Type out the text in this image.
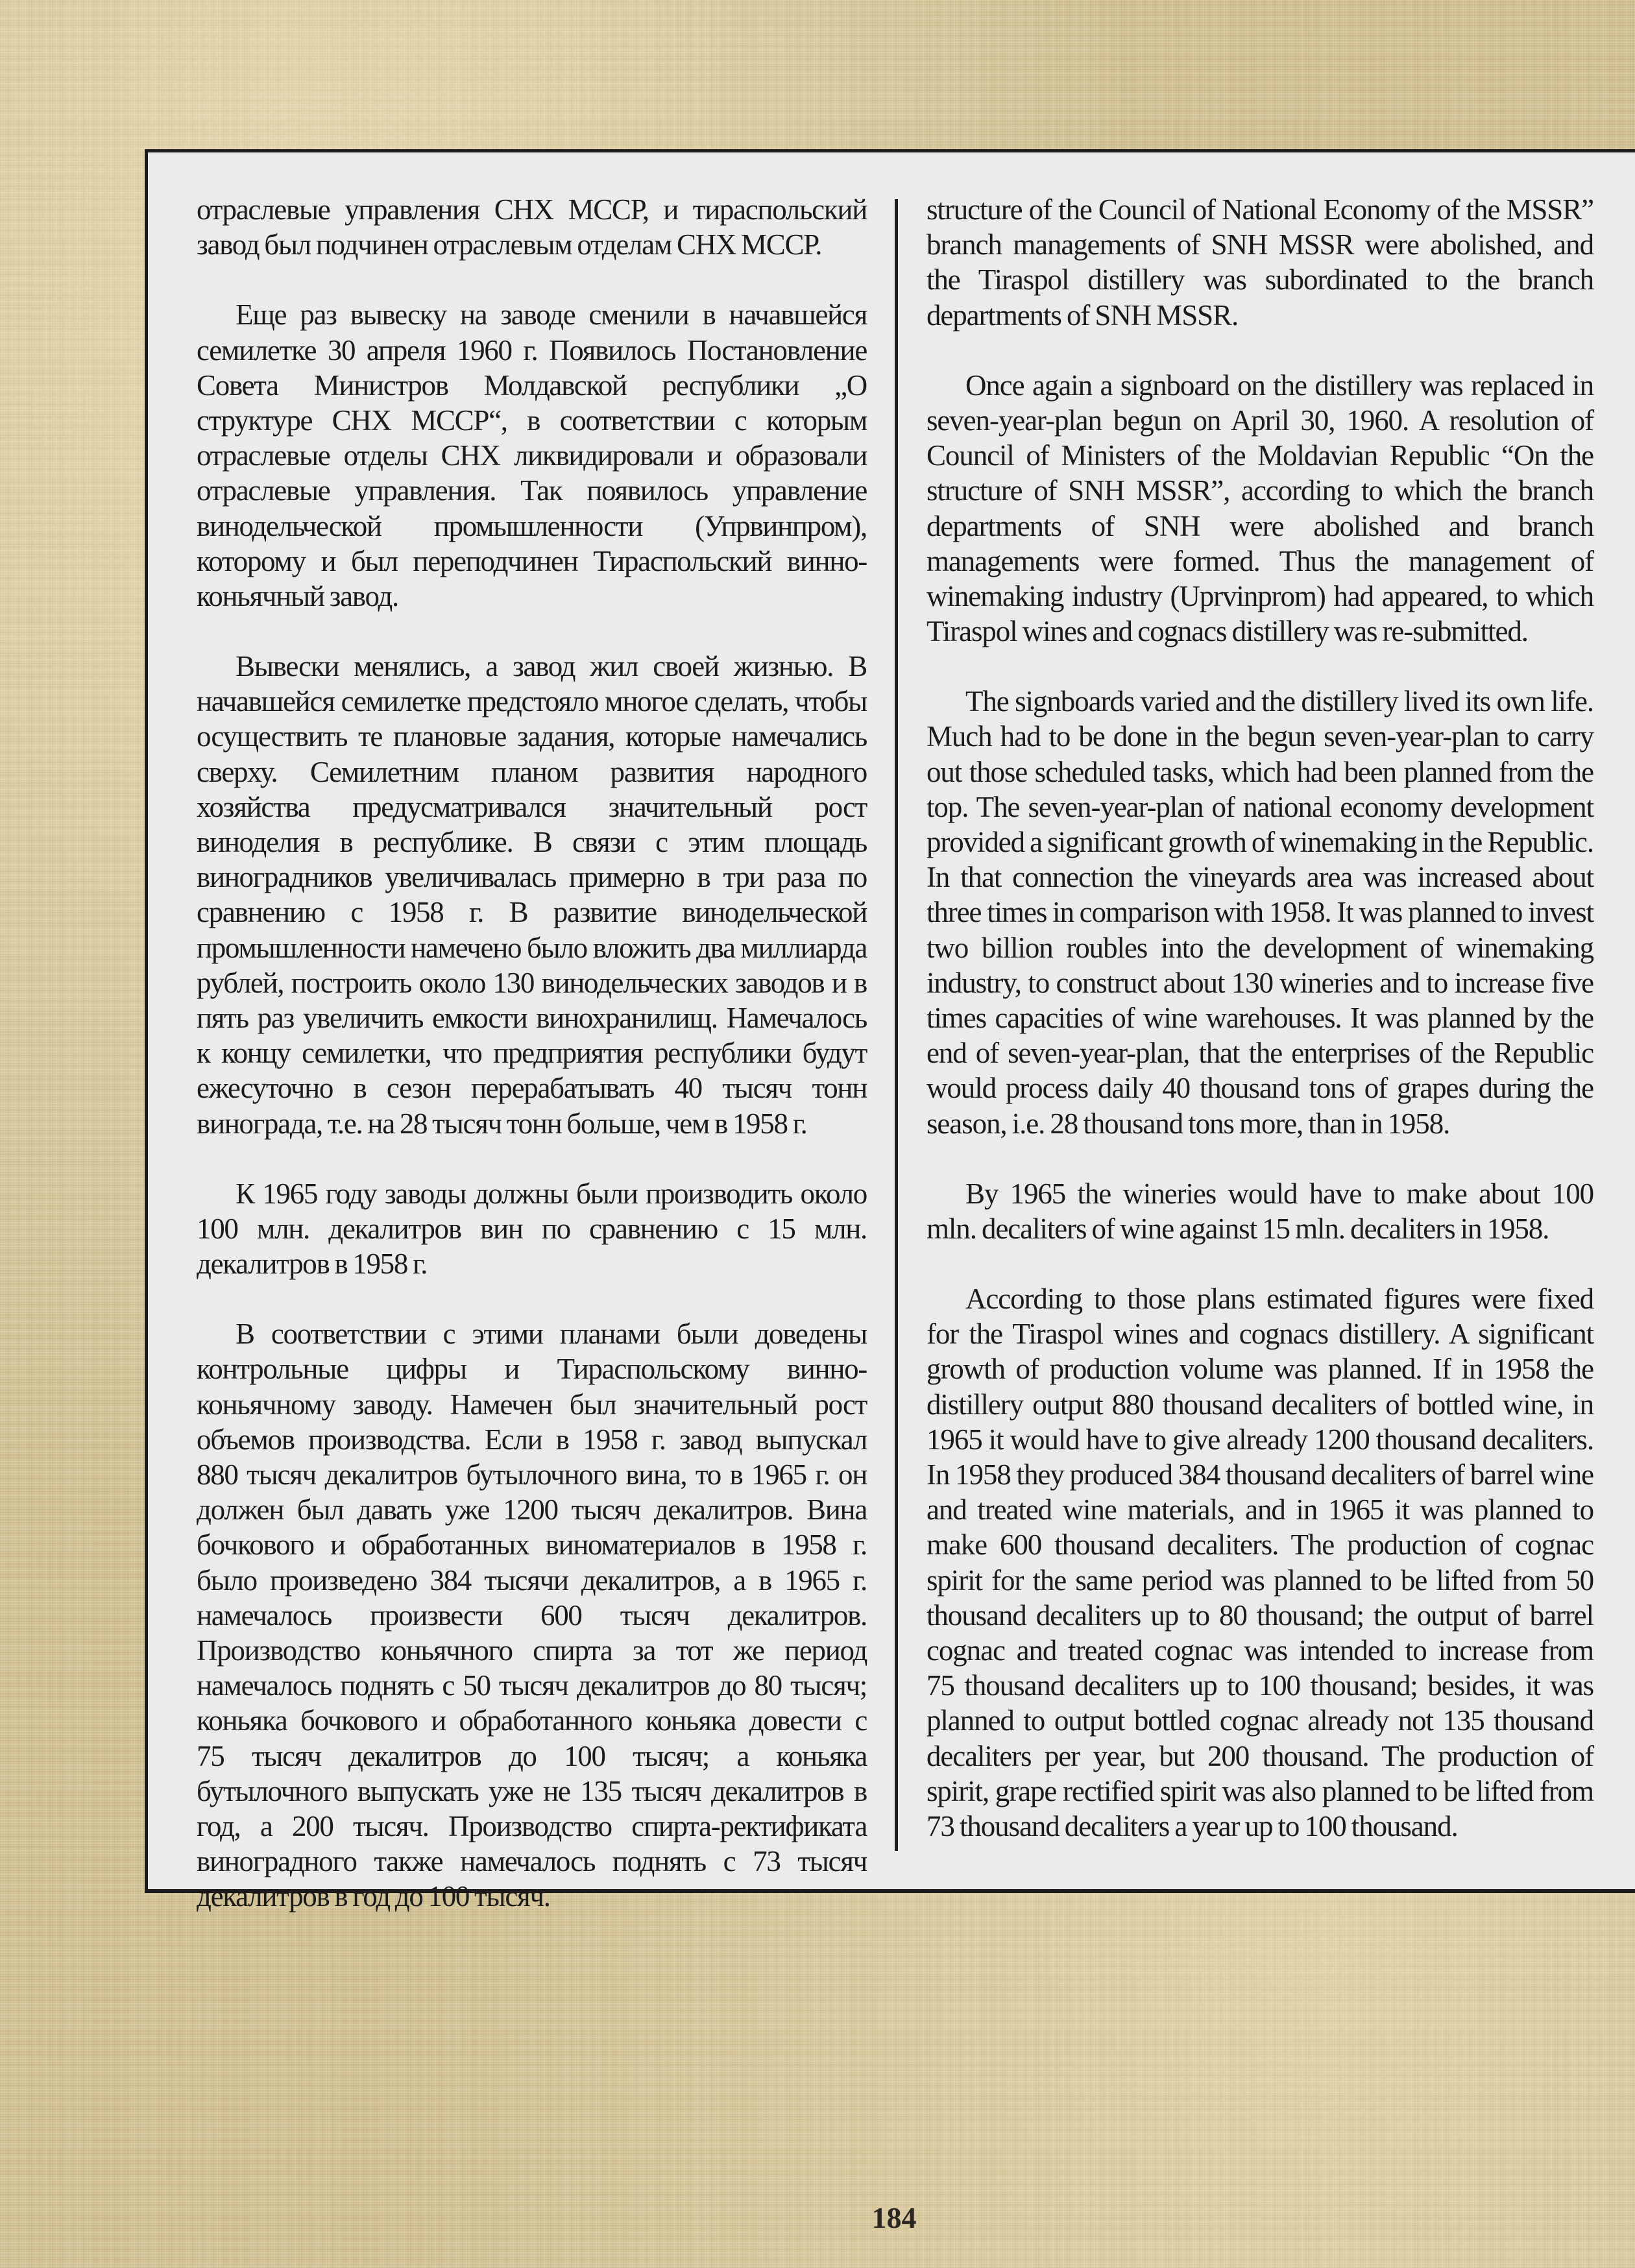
отраслевые управления СНХ МССР, и тираспольский
завод был подчинен отраслевым отделам СНХ МССР.
Еще раз вывеску на заводе сменили в начавшейся
семилетке 30 апреля 1960 г. Появилось Постановление
Совета Министров Молдавской республики „О
структуре СНХ МССР“, в соответствии с которым
отраслевые отделы СНХ ликвидировали и образовали
отраслевые управления. Так появилось управление
винодельческой промышленности (Упрвинпром),
которому и был переподчинен Тираспольский винно-
коньячный завод.
Вывески менялись, а завод жил своей жизнью. В
начавшейся семилетке предстояло многое сделать, чтобы
осуществить те плановые задания, которые намечались
сверху. Семилетним планом развития народного
хозяйства предусматривался значительный рост
виноделия в республике. В связи с этим площадь
виноградников увеличивалась примерно в три раза по
сравнению с 1958 г. В развитие винодельческой
промышленности намечено было вложить два миллиарда
рублей, построить около 130 винодельческих заводов и в
пять раз увеличить емкости винохранилищ. Намечалось
к концу семилетки, что предприятия республики будут
ежесуточно в сезон перерабатывать 40 тысяч тонн
винограда, т.е. на 28 тысяч тонн больше, чем в 1958 г.
К 1965 году заводы должны были производить около
100 млн. декалитров вин по сравнению с 15 млн.
декалитров в 1958 г.
В соответствии с этими планами были доведены
контрольные цифры и Тираспольскому винно-
коньячному заводу. Намечен был значительный рост
объемов производства. Если в 1958 г. завод выпускал
880 тысяч декалитров бутылочного вина, то в 1965 г. он
должен был давать уже 1200 тысяч декалитров. Вина
бочкового и обработанных виноматериалов в 1958 г.
было произведено 384 тысячи декалитров, а в 1965 г.
намечалось произвести 600 тысяч декалитров.
Производство коньячного спирта за тот же период
намечалось поднять с 50 тысяч декалитров до 80 тысяч;
коньяка бочкового и обработанного коньяка довести с
75 тысяч декалитров до 100 тысяч; а коньяка
бутылочного выпускать уже не 135 тысяч декалитров в
год, а 200 тысяч. Производство спирта-ректификата
виноградного также намечалось поднять с 73 тысяч
декалитров в год до 100 тысяч.
structure of the Council of National Economy of the MSSR”
branch managements of SNH MSSR were abolished, and
the Tiraspol distillery was subordinated to the branch
departments of SNH MSSR.
Once again a signboard on the distillery was replaced in
seven-year-plan begun on April 30, 1960. A resolution of
Council of Ministers of the Moldavian Republic “On the
structure of SNH MSSR”, according to which the branch
departments of SNH were abolished and branch
managements were formed. Thus the management of
winemaking industry (Uprvinprom) had appeared, to which
Tiraspol wines and cognacs distillery was re-submitted.
The signboards varied and the distillery lived its own life.
Much had to be done in the begun seven-year-plan to carry
out those scheduled tasks, which had been planned from the
top. The seven-year-plan of national economy development
provided a significant growth of winemaking in the Republic.
In that connection the vineyards area was increased about
three times in comparison with 1958. It was planned to invest
two billion roubles into the development of winemaking
industry, to construct about 130 wineries and to increase five
times capacities of wine warehouses. It was planned by the
end of seven-year-plan, that the enterprises of the Republic
would process daily 40 thousand tons of grapes during the
season, i.e. 28 thousand tons more, than in 1958.
By 1965 the wineries would have to make about 100
mln. decaliters of wine against 15 mln. decaliters in 1958.
According to those plans estimated figures were fixed
for the Tiraspol wines and cognacs distillery. A significant
growth of production volume was planned. If in 1958 the
distillery output 880 thousand decaliters of bottled wine, in
1965 it would have to give already 1200 thousand decaliters.
In 1958 they produced 384 thousand decaliters of barrel wine
and treated wine materials, and in 1965 it was planned to
make 600 thousand decaliters. The production of cognac
spirit for the same period was planned to be lifted from 50
thousand decaliters up to 80 thousand; the output of barrel
cognac and treated cognac was intended to increase from
75 thousand decaliters up to 100 thousand; besides, it was
planned to output bottled cognac already not 135 thousand
decaliters per year, but 200 thousand. The production of
spirit, grape rectified spirit was also planned to be lifted from
73 thousand decaliters a year up to 100 thousand.
184
